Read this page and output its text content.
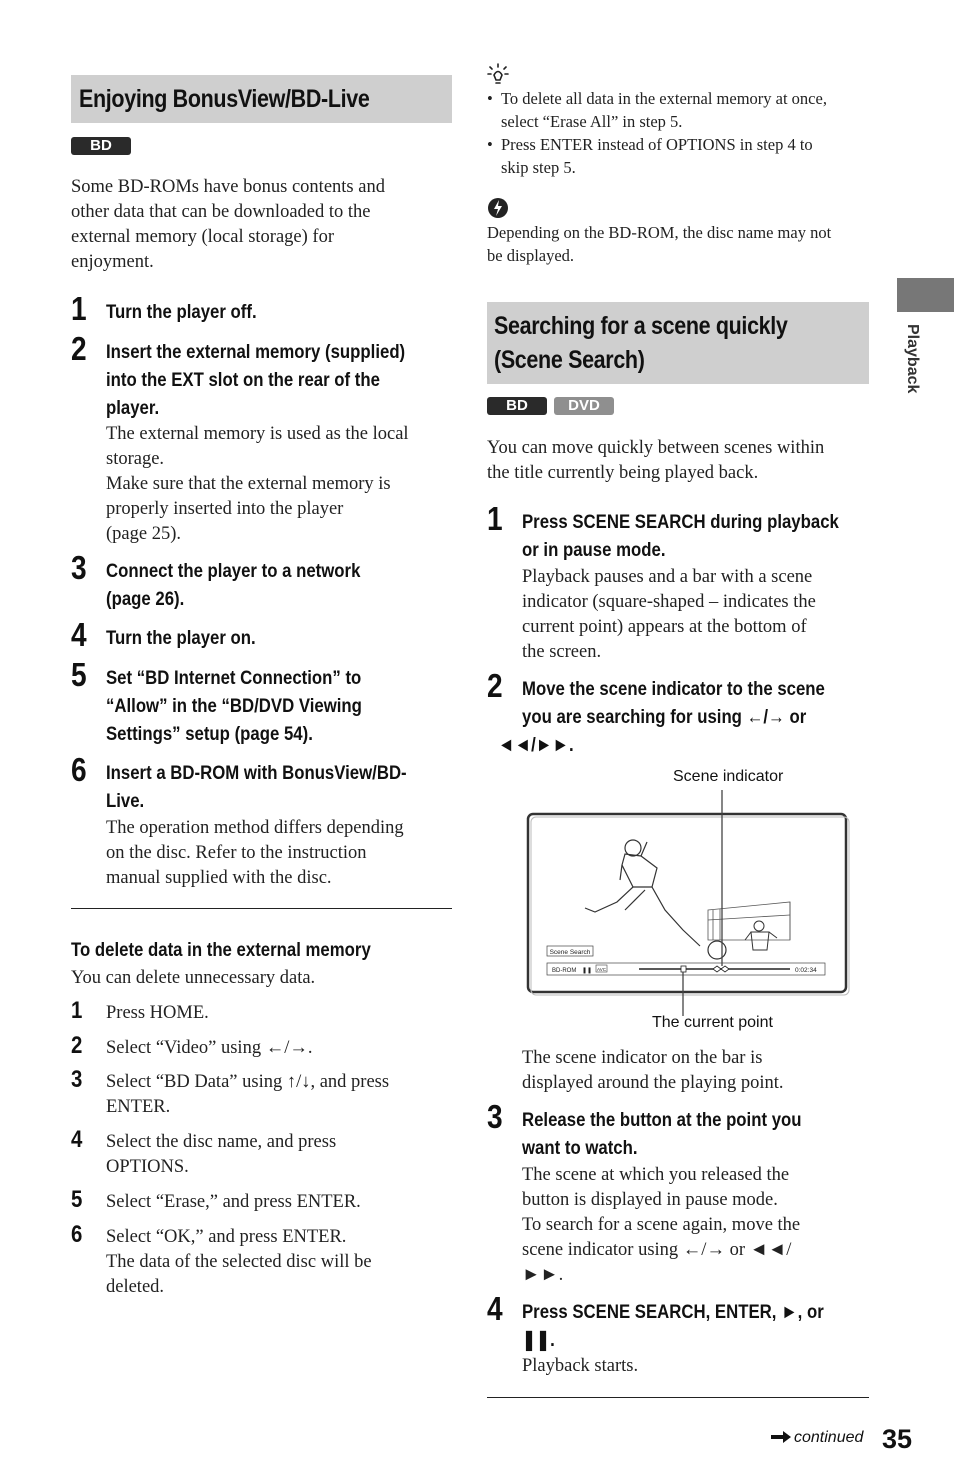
Enjoying BonusView/BD-Live
BD
Some BD-ROMs have bonus contents and
other data that can be downloaded to the
external memory (local storage) for
enjoyment.
1 Turn the player off.
2 Insert the external memory (supplied)
into the EXT slot on the rear of the
player.
The external memory is used as the local
storage.
Make sure that the external memory is
properly inserted into the player
(page 25).
3 Connect the player to a network
(page 26).
4 Turn the player on.
5 Set “BD Internet Connection” to
“Allow” in the “BD/DVD Viewing
Settings” setup (page 54).
6 Insert a BD-ROM with BonusView/BD-
Live.
The operation method differs depending
on the disc. Refer to the instruction
manual supplied with the disc.
To delete data in the external memory
You can delete unnecessary data.
1 Press HOME.
2 Select “Video” using ←/→.
3 Select “BD Data” using ↑/↓, and press
ENTER.
4 Select the disc name, and press
OPTIONS.
5 Select “Erase,” and press ENTER.
6 Select “OK,” and press ENTER.
The data of the selected disc will be
deleted.
• To delete all data in the external memory at once,
select “Erase All” in step 5.
• Press ENTER instead of OPTIONS in step 4 to
skip step 5.
Depending on the BD-ROM, the disc name may not
be displayed.
Searching for a scene quickly
(Scene Search)
BD	DVD
You can move quickly between scenes within
the title currently being played back.
1 Press SCENE SEARCH during playback
or in pause mode.
Playback pauses and a bar with a scene
indicator (square-shaped – indicates the
current point) appears at the bottom of
the screen.
2 Move the scene indicator to the scene
you are searching for using ←/→ or
◄◄/►►.
Scene indicator
Scene Search
BD-ROM ❚❚ AVC	0:02:34
The current point
The scene indicator on the bar is
displayed around the playing point.
3 Release the button at the point you
want to watch.
The scene at which you released the
button is displayed in pause mode.
To search for a scene again, move the
scene indicator using ←/→ or ◄◄/
►►.
4 Press SCENE SEARCH, ENTER, ►, or
❚❚.
Playback starts.
Playback
continued 35
